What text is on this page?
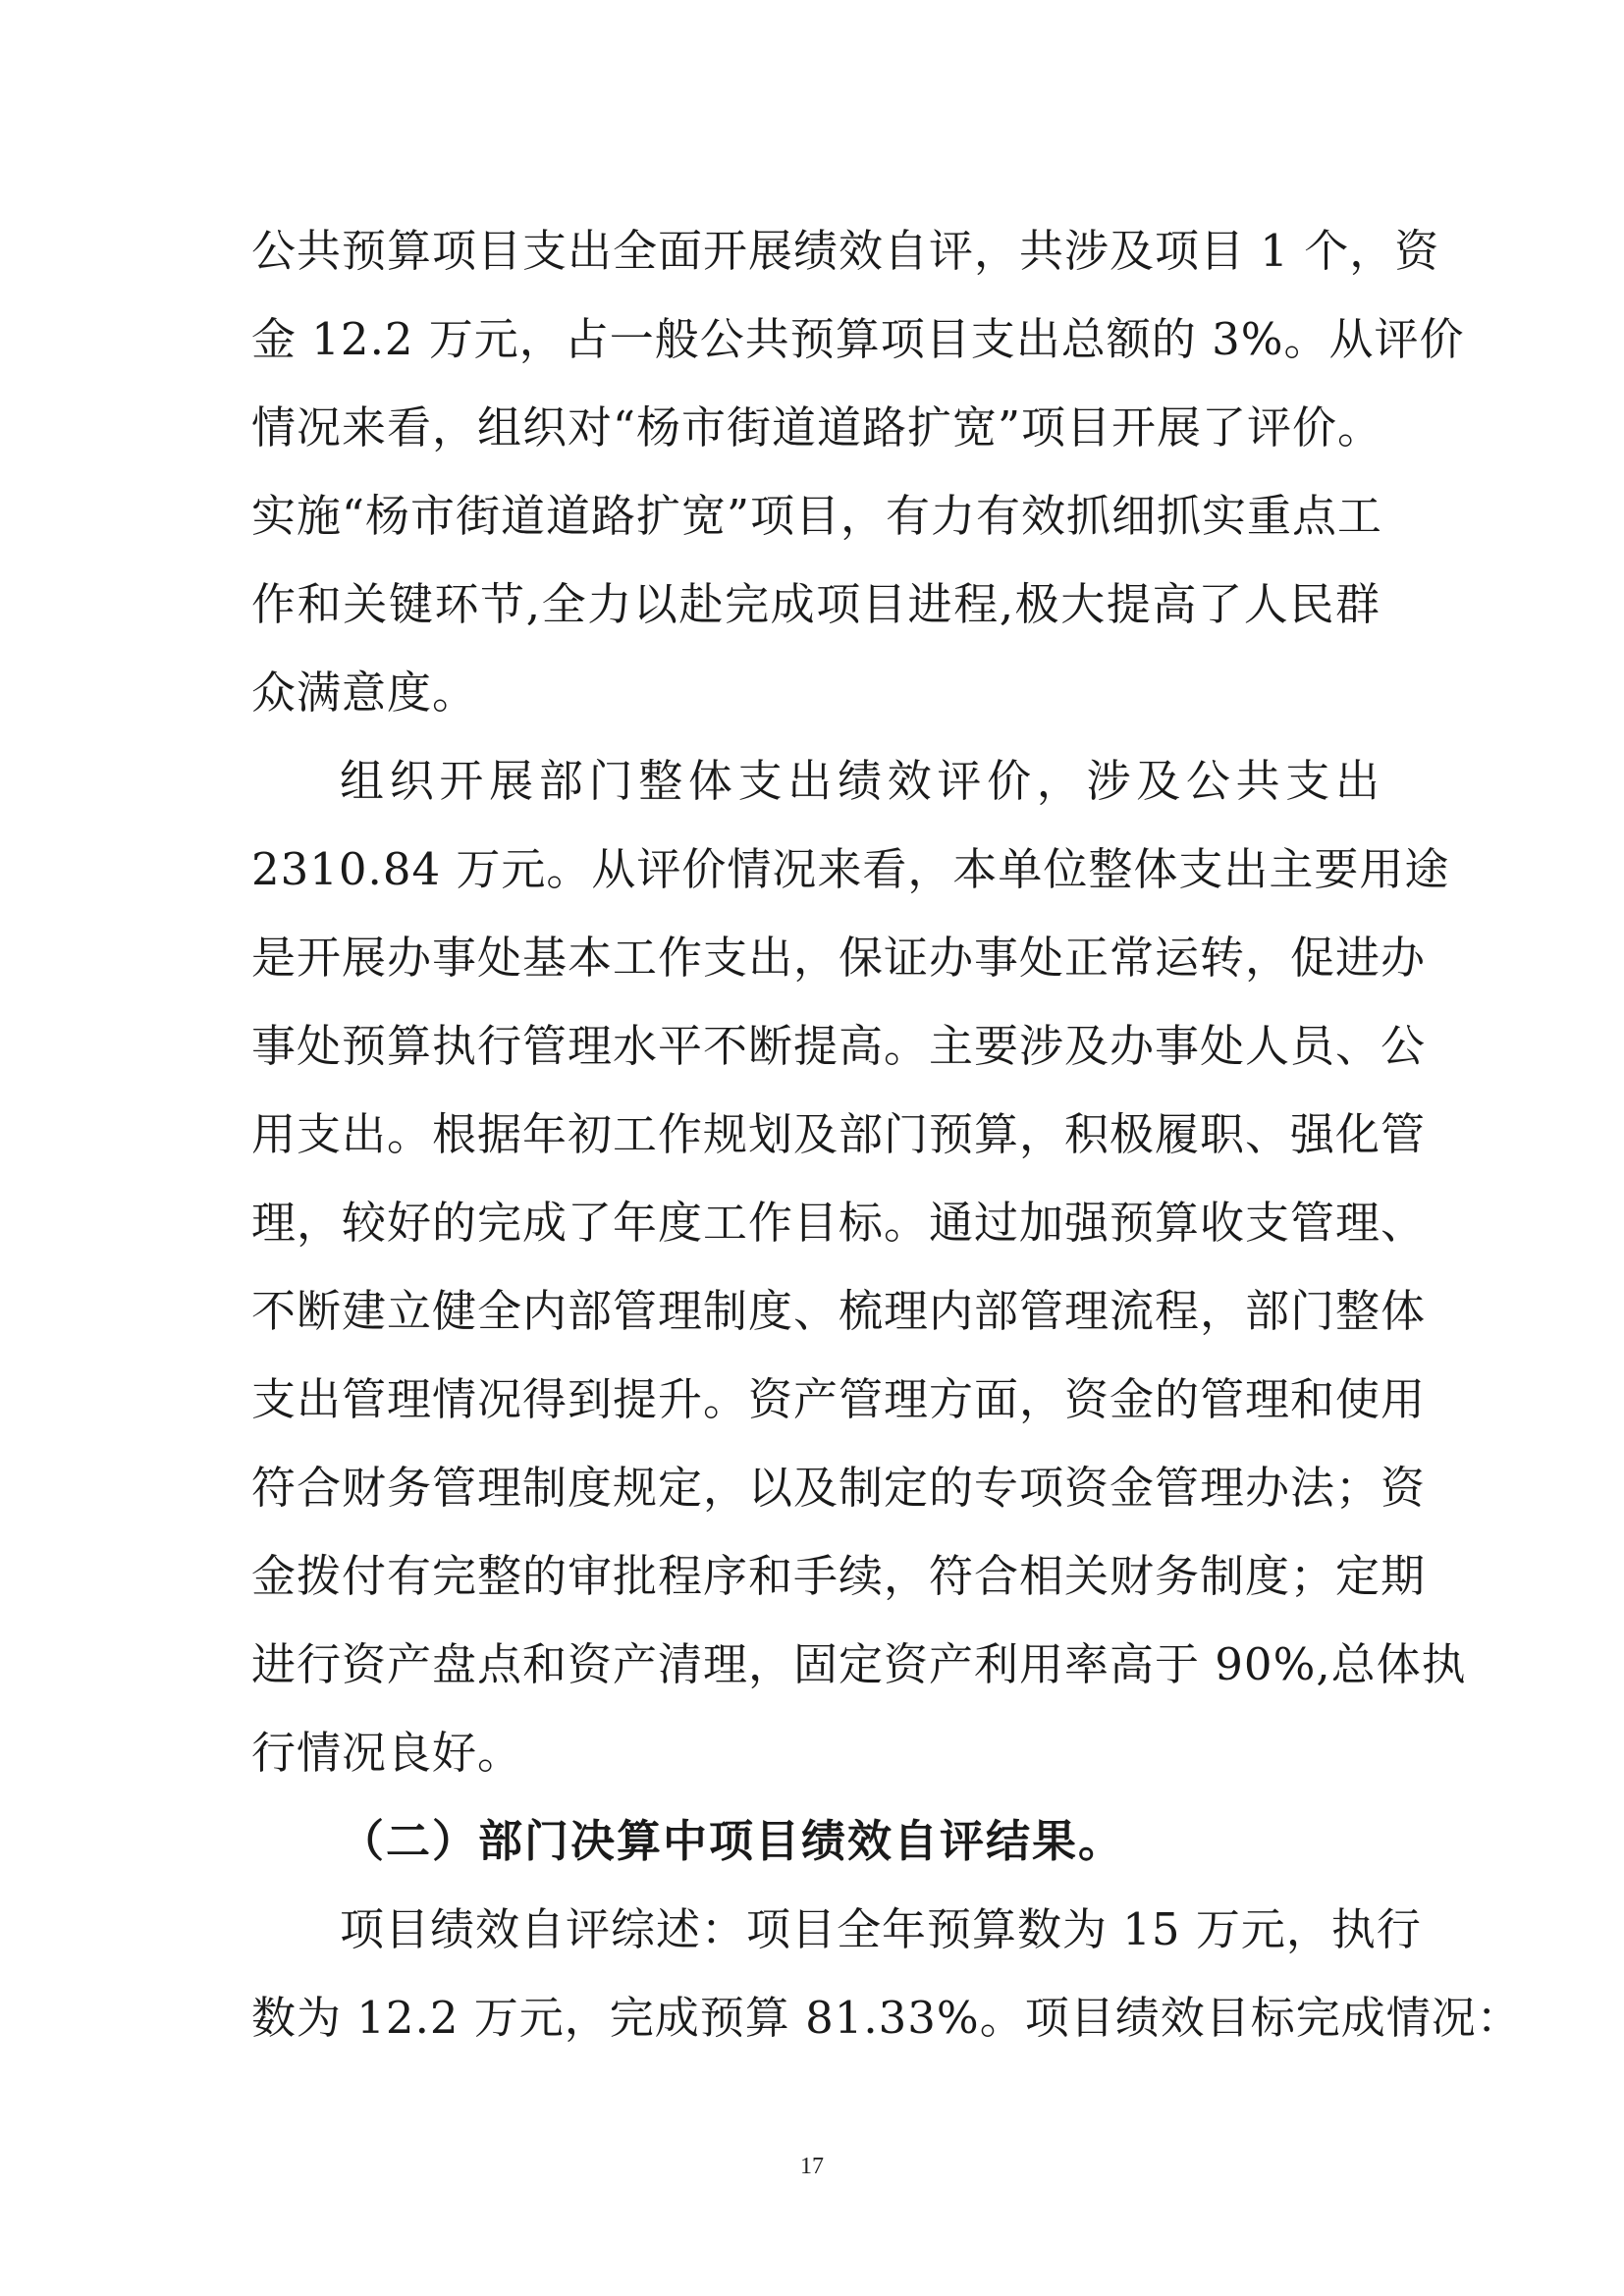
公共预算项目支出全面开展绩效自评，共涉及项目 1 个，资
金 12.2 万元，占一般公共预算项目支出总额的 3%。从评价
情况来看，组织对“杨市街道道路扩宽”项目开展了评价。
实施“杨市街道道路扩宽”项目，有力有效抓细抓实重点工
作和关键环节,全力以赴完成项目进程,极大提高了人民群
众满意度。
组织开展部门整体支出绩效评价，涉及公共支出
2310.84 万元。从评价情况来看，本单位整体支出主要用途
是开展办事处基本工作支出，保证办事处正常运转，促进办
事处预算执行管理水平不断提高。主要涉及办事处人员、公
用支出。根据年初工作规划及部门预算，积极履职、强化管
理，较好的完成了年度工作目标。通过加强预算收支管理、
不断建立健全内部管理制度、梳理内部管理流程，部门整体
支出管理情况得到提升。资产管理方面，资金的管理和使用
符合财务管理制度规定，以及制定的专项资金管理办法；资
金拨付有完整的审批程序和手续，符合相关财务制度；定期
进行资产盘点和资产清理，固定资产利用率高于 90%,总体执
行情况良好。
（二）部门决算中项目绩效自评结果。
项目绩效自评综述：项目全年预算数为 15 万元，执行
数为 12.2 万元，完成预算 81.33%。项目绩效目标完成情况：
17
